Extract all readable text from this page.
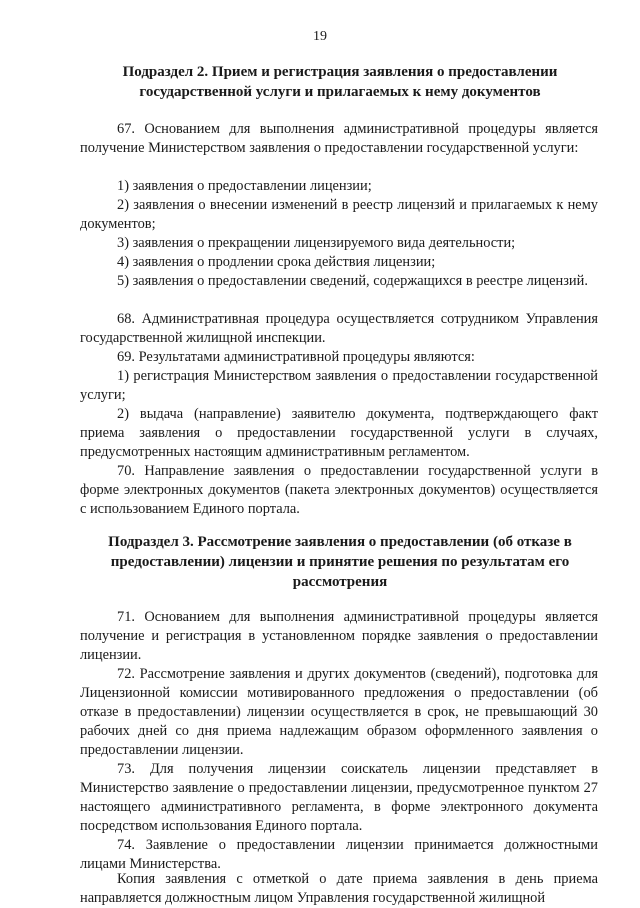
19
Подраздел 2. Прием и регистрация заявления о предоставлении государственной услуги и прилагаемых к нему документов
67. Основанием для выполнения административной процедуры является получение Министерством заявления о предоставлении государственной услуги:
1) заявления о предоставлении лицензии;
2) заявления о внесении изменений в реестр лицензий и прилагаемых к нему документов;
3) заявления о прекращении лицензируемого вида деятельности;
4) заявления о продлении срока действия лицензии;
5) заявления о предоставлении сведений, содержащихся в реестре лицензий.
68. Административная процедура осуществляется сотрудником Управления государственной жилищной инспекции.
69. Результатами административной процедуры являются:
1) регистрация Министерством заявления о предоставлении государственной услуги;
2) выдача (направление) заявителю документа, подтверждающего факт приема заявления о предоставлении государственной услуги в случаях, предусмотренных настоящим административным регламентом.
70. Направление заявления о предоставлении государственной услуги в форме электронных документов (пакета электронных документов) осуществляется с использованием Единого портала.
Подраздел 3. Рассмотрение заявления о предоставлении (об отказе в предоставлении) лицензии и принятие решения по результатам его рассмотрения
71. Основанием для выполнения административной процедуры является получение и регистрация в установленном порядке заявления о предоставлении лицензии.
72. Рассмотрение заявления и других документов (сведений), подготовка для Лицензионной комиссии мотивированного предложения о предоставлении (об отказе в предоставлении) лицензии осуществляется в срок, не превышающий 30 рабочих дней со дня приема надлежащим образом оформленного заявления о предоставлении лицензии.
73. Для получения лицензии соискатель лицензии представляет в Министерство заявление о предоставлении лицензии, предусмотренное пунктом 27 настоящего административного регламента, в форме электронного документа посредством использования Единого портала.
74. Заявление о предоставлении лицензии принимается должностными лицами Министерства.
Копия заявления с отметкой о дате приема заявления в день приема направляется должностным лицом Управления государственной жилищной
